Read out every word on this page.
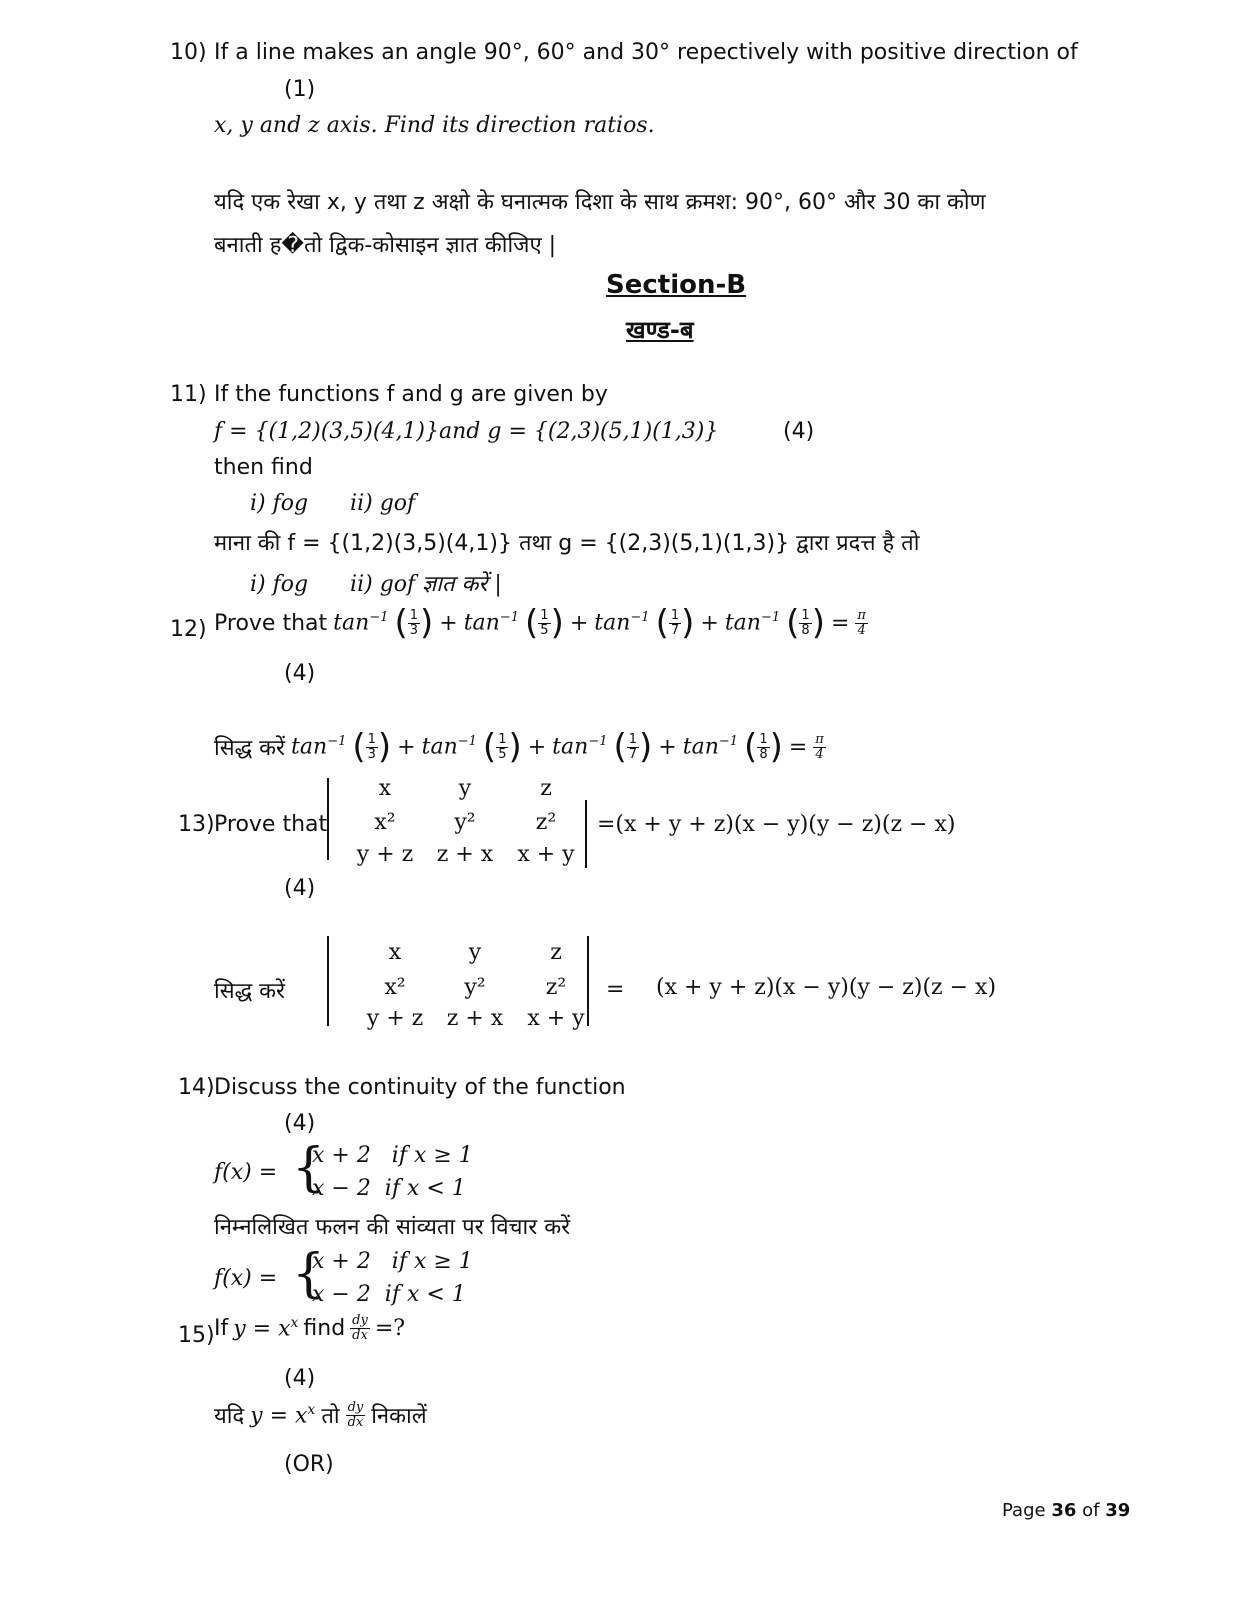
10) If a line makes an angle 90°, 60° and 30° repectively with positive direction of
(1)
x, y and z axis. Find its direction ratios.
यदि एक रेखा x, y तथा z अक्षो के घनात्मक दिशा के साथ क्रमश: 90°, 60° और 30 का कोण
बनाती ह�तो द्विक-कोसाइन ज्ञात कीजिए |
Section-B
खण्ड-ब
11) If the functions f and g are given by
f = {(1,2)(3,5)(4,1)}and g = {(2,3)(5,1)(1,3)}	(4)
then find
i) fog      ii) gof
माना की f = {(1,2)(3,5)(4,1)} तथा g = {(2,3)(5,1)(1,3)} द्वारा प्रदत्त है तो
i) fog      ii) gof ज्ञात करें |
12) Prove that $\tan^{-1}$ ( $\frac{1}{3}$ ) + $\tan^{-1}$ ( $\frac{1}{5}$ ) + $\tan^{-1}$ ( $\frac{1}{7}$ ) + $\tan^{-1}$ ( $\frac{1}{8}$ ) = $\frac{\pi}{4}$
(4)
सिद्ध करें $\tan^{-1}$ ( $\frac{1}{3}$ ) + $\tan^{-1}$ ( $\frac{1}{5}$ ) + $\tan^{-1}$ ( $\frac{1}{7}$ ) + $\tan^{-1}$ ( $\frac{1}{8}$ ) = $\frac{\pi}{4}$
13) Prove that
x	y	z
x²	y²	z²
y + z	z + x	x + y
=(x + y + z)(x − y)(y − z)(z − x)
(4)
सिद्ध करें
x	y	z
x²	y²	z²
y + z	z + x	x + y
= (x + y + z)(x − y)(y − z)(z − x)
14) Discuss the continuity of the function
(4)
f(x) = {
x + 2   if x ≥ 1
x − 2  if x < 1
निम्नलिखित फलन की सांव्यता पर विचार करें
f(x) = {
x + 2   if x ≥ 1
x − 2  if x < 1
15) If $y = x^x$ find $\frac{dy}{dx}$ =?
(4)
यदि $y = x^x$ तो $\frac{dy}{dx}$ निकालें
(OR)
Page 36 of 39
